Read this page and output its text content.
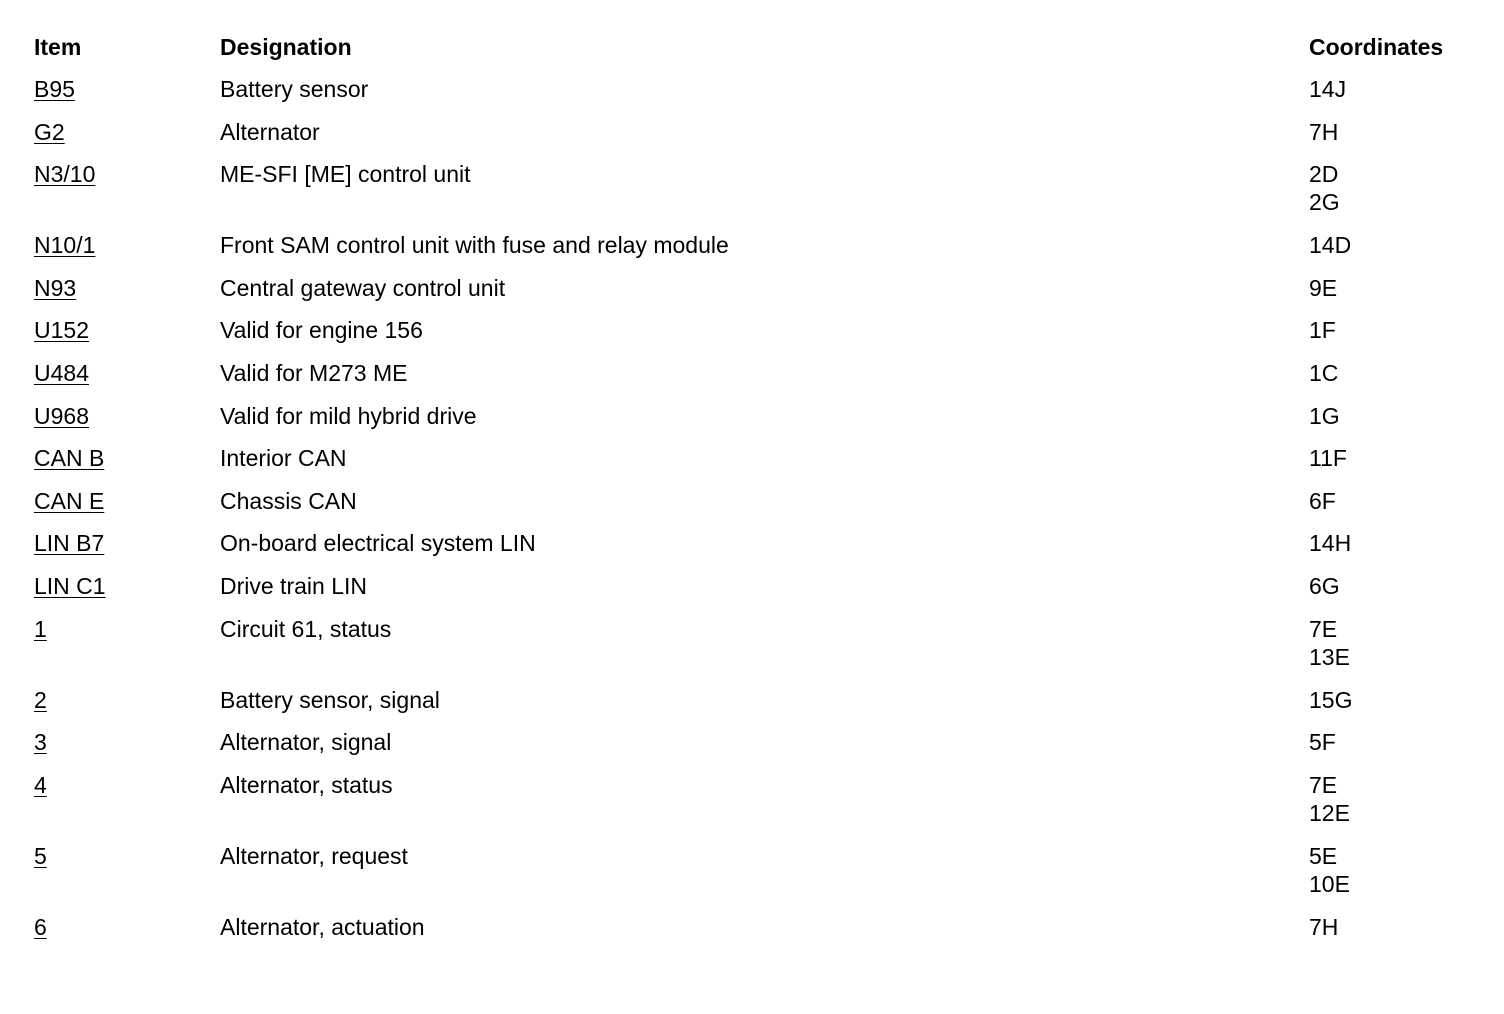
Item	Designation	Coordinates
B95	Battery sensor	14J
G2	Alternator	7H
N3/10	ME-SFI [ME] control unit	2D
2G
N10/1	Front SAM control unit with fuse and relay module	14D
N93	Central gateway control unit	9E
U152	Valid for engine 156	1F
U484	Valid for M273 ME	1C
U968	Valid for mild hybrid drive	1G
CAN B	Interior CAN	11F
CAN E	Chassis CAN	6F
LIN B7	On-board electrical system LIN	14H
LIN C1	Drive train LIN	6G
1	Circuit 61, status	7E
13E
2	Battery sensor, signal	15G
3	Alternator, signal	5F
4	Alternator, status	7E
12E
5	Alternator, request	5E
10E
6	Alternator, actuation	7H
